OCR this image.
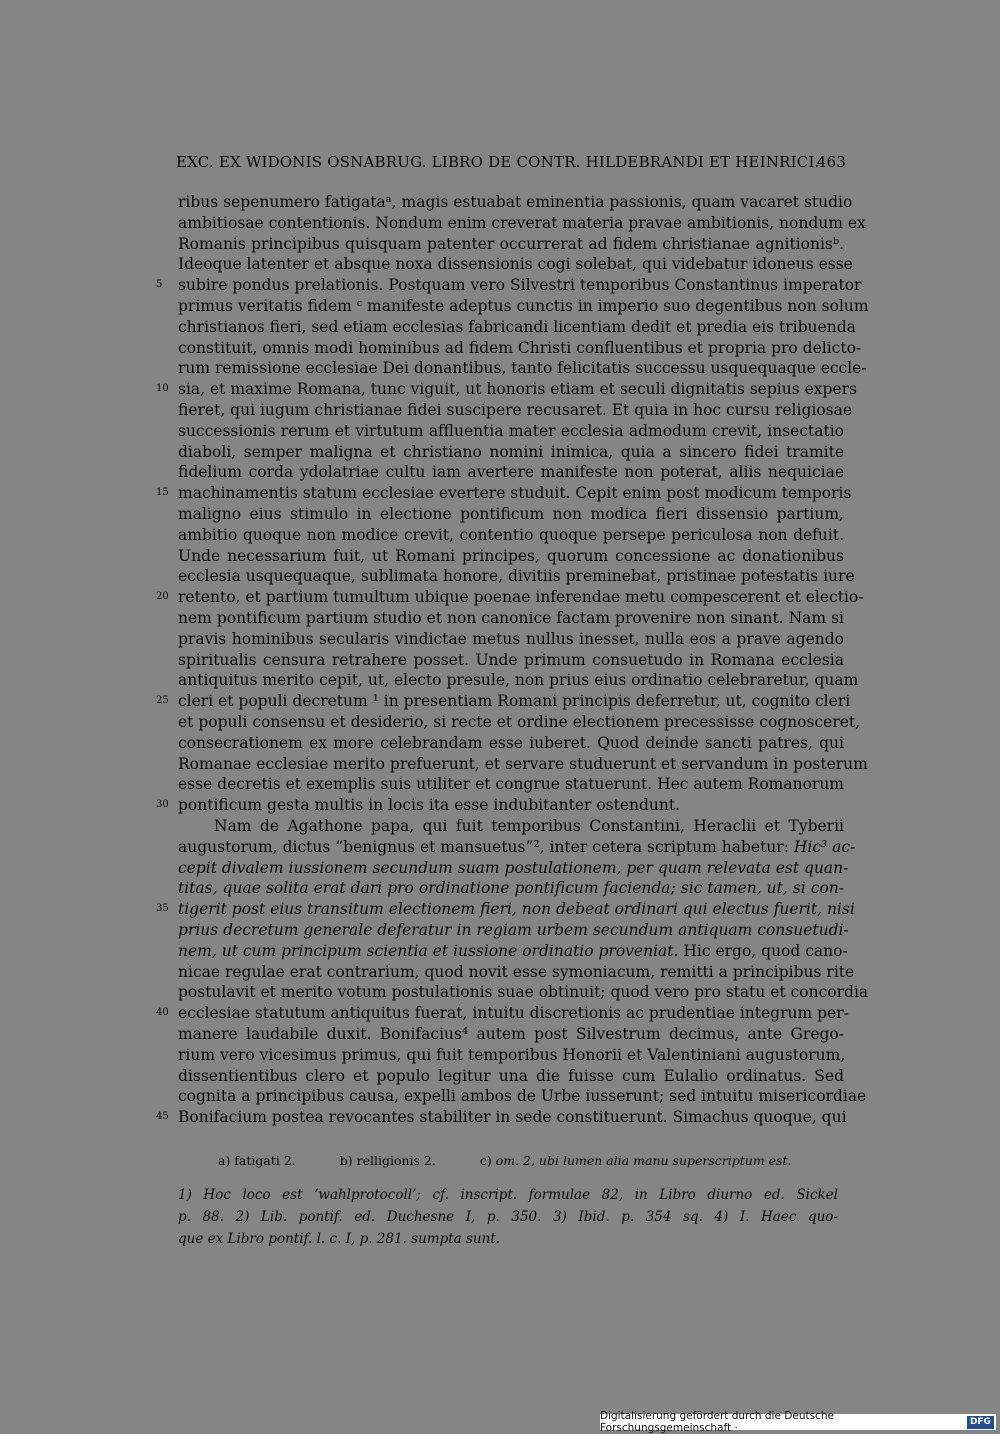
EXC. EX WIDONIS OSNABRUG. LIBRO DE CONTR. HILDEBRANDI ET HEINRICI.
463
ribus sepenumero fatigataᵃ, magis estuabat eminentia passionis, quam vacaret studio
ambitiosae contentionis. Nondum enim creverat materia pravae ambitionis, nondum ex
Romanis principibus quisquam patenter occurrerat ad fidem christianae agnitionisᵇ.
Ideoque latenter et absque noxa dissensionis cogi solebat, qui videbatur idoneus esse
5	subire pondus prelationis. Postquam vero Silvestri temporibus Constantinus imperator
primus veritatis fidem ᶜ manifeste adeptus cunctis in imperio suo degentibus non solum
christianos fieri, sed etiam ecclesias fabricandi licentiam dedit et predia eis tribuenda
constituit, omnis modi hominibus ad fidem Christi confluentibus et propria pro delicto-
rum remissione ecclesiae Dei donantibus, tanto felicitatis successu usquequaque eccle-
10 sia, et maxime Romana, tunc viguit, ut honoris etiam et seculi dignitatis sepius expers
fieret, qui iugum christianae fidei suscipere recusaret. Et quia in hoc cursu religiosae
successionis rerum et virtutum affluentia mater ecclesia admodum crevit, insectatio
diaboli, semper maligna et christiano nomini inimica, quia a sincero fidei tramite
fidelium corda ydolatriae cultu iam avertere manifeste non poterat, aliis nequiciae
15 machinamentis statum ecclesiae evertere studuit. Cepit enim post modicum temporis
maligno eius stimulo in electione pontificum non modica fieri dissensio partium,
ambitio quoque non modice crevit, contentio quoque persepe periculosa non defuit.
Unde necessarium fuit, ut Romani principes, quorum concessione ac donationibus
ecclesia usquequaque, sublimata honore, divitiis preminebat, pristinae potestatis iure
20 retento, et partium tumultum ubique poenae inferendae metu compescerent et electio-
nem pontificum partium studio et non canonice factam provenire non sinant. Nam si
pravis hominibus secularis vindictae metus nullus inesset, nulla eos a prave agendo
spiritualis censura retrahere posset. Unde primum consuetudo in Romana ecclesia
antiquitus merito cepit, ut, electo presule, non prius eius ordinatio celebraretur, quam
25 cleri et populi decretum ¹ in presentiam Romani principis deferretur, ut, cognito cleri
et populi consensu et desiderio, si recte et ordine electionem precessisse cognosceret,
consecrationem ex more celebrandam esse iuberet. Quod deinde sancti patres, qui
Romanae ecclesiae merito prefuerunt, et servare studuerunt et servandum in posterum
esse decretis et exemplis suis utiliter et congrue statuerunt. Hec autem Romanorum
30 pontificum gesta multis in locis ita esse indubitanter ostendunt.
Nam de Agathone papa, qui fuit temporibus Constantini, Heraclii et Tyberii
augustorum, dictus “benignus et mansuetus”², inter cetera scriptum habetur: Hic³ ac-
cepit divalem iussionem secundum suam postulationem, per quam relevata est quan-
titas, quae solita erat dari pro ordinatione pontificum facienda; sic tamen, ut, si con-
35 tigerit post eius transitum electionem fieri, non debeat ordinari qui electus fuerit, nisi
prius decretum generale deferatur in regiam urbem secundum antiquam consuetudi-
nem, ut cum principum scientia et iussione ordinatio proveniat. Hic ergo, quod cano-
nicae regulae erat contrarium, quod novit esse symoniacum, remitti a principibus rite
postulavit et merito votum postulationis suae obtinuit; quod vero pro statu et concordia
40 ecclesiae statutum antiquitus fuerat, intuitu discretionis ac prudentiae integrum per-
manere laudabile duxit. Bonifacius⁴ autem post Silvestrum decimus, ante Grego-
rium vero vicesimus primus, qui fuit temporibus Honorii et Valentiniani augustorum,
dissentientibus clero et populo legitur una die fuisse cum Eulalio ordinatus. Sed
cognita a principibus causa, expelli ambos de Urbe iusserunt; sed intuitu misericordiae
45 Bonifacium postea revocantes stabiliter in sede constituerunt. Simachus quoque, qui
a) fatigati 2.	b) relligionis 2.	c) om. 2, ubi lumen alia manu superscriptum est.
1) Hoc loco est ‘wahlprotocoll’; cf. inscript. formulae 82, in Libro diurno ed. Sickel
p. 88. 2) Lib. pontif. ed. Duchesne I, p. 350. 3) Ibid. p. 354 sq. 4) I. Haec quo-
que ex Libro pontif. l. c. I, p. 281. sumpta sunt.
Digitalisierung gefördert durch die Deutsche Forschungsgemeinschaft ·
DFG
